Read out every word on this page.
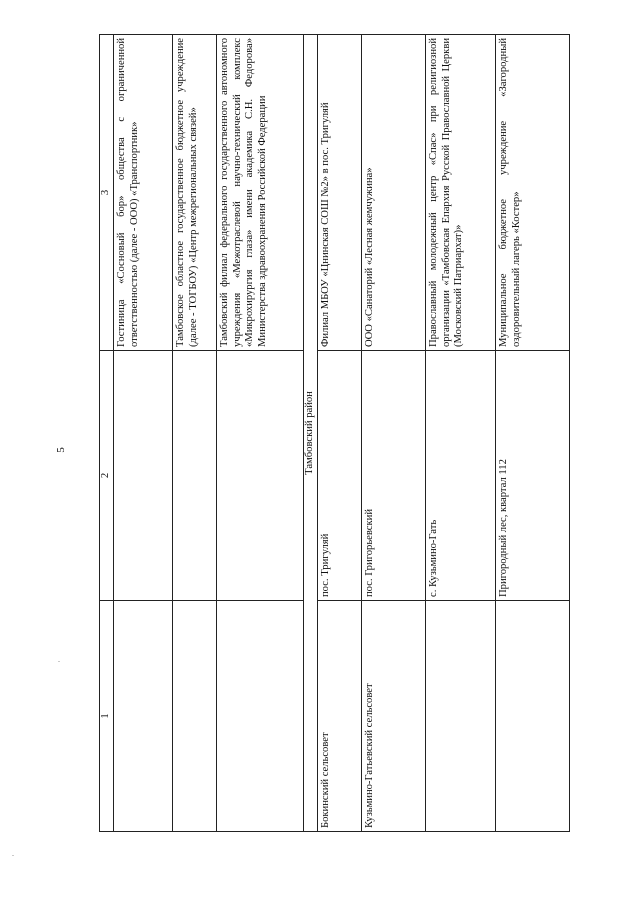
5
.
.
1	2	3
		Гостиница «Сосновый бор» общества с ограниченной ответственностью (далее - ООО) «Транспортник»
		Тамбовское областное государственное бюджетное учреждение (далее - ТОГБОУ) «Центр межрегиональных связей»
		Тамбовский филиал федерального государственного автономного учреждения «Межотраслевой научно-технический комплекс «Микрохирургия глаза» имени академика С.Н. Федорова» Министерства здравоохранения Российской Федерации
Тамбовский район		
Бокинский сельсовет	пос. Тригуляй	Филиал МБОУ «Цнинская СОШ №2» в пос. Тригуляй
Кузьмино-Гатьевский сельсовет	пос. Григорьевский	ООО «Санаторий «Лесная жемчужина»
	с. Кузьмино-Гать	Православный молодежный центр «Спас» при религиозной организации «Тамбовская Епархия Русской Православной Церкви (Московский Патриархат)»
	Пригородный лес, квартал 112	Муниципальное бюджетное учреждение «Загородный оздоровительный лагерь «Костер»
